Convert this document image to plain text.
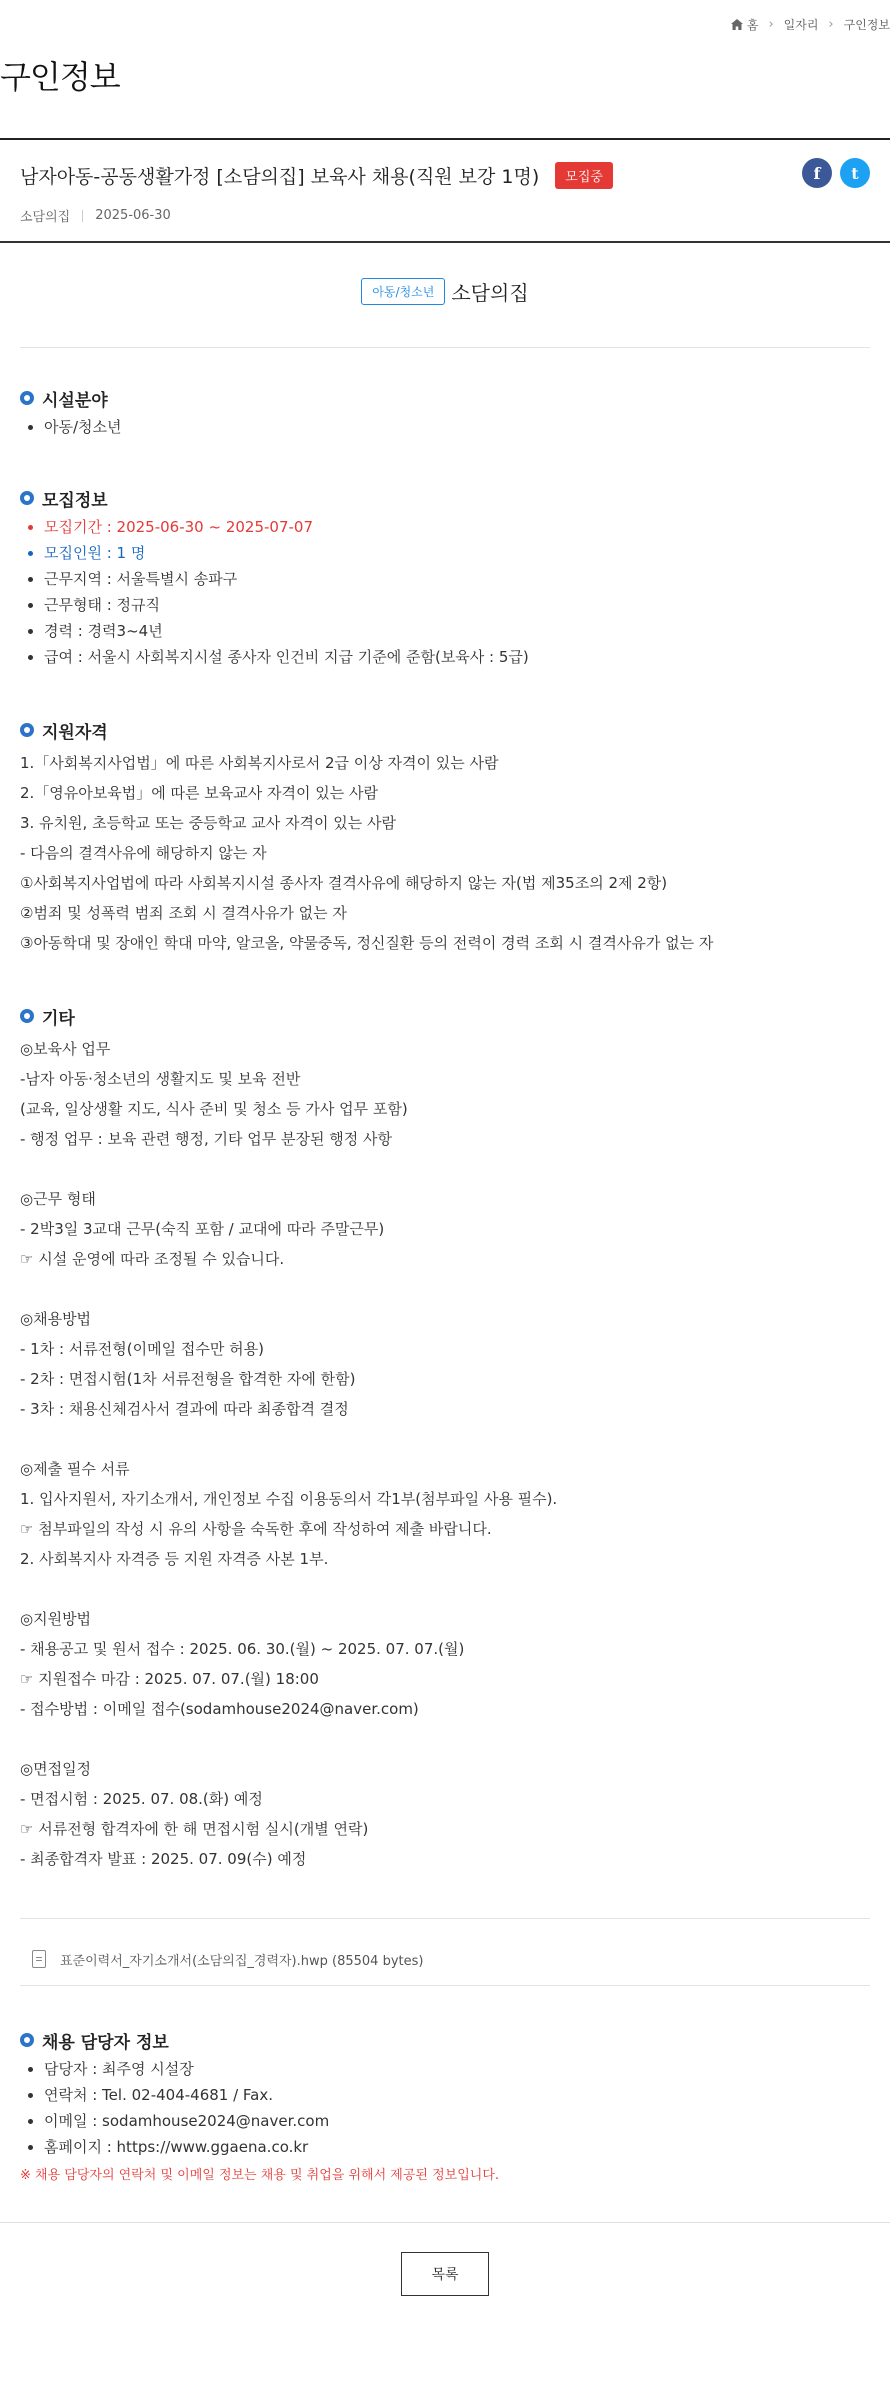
홈 › 일자리 › 구인정보
구인정보
남자아동-공동생활가정 [소담의집] 보육사 채용(직원 보강 1명)	모집중	f	t
소담의집 2025-06-30
아동/청소년 소담의집
시설분야
• 아동/청소년
모집정보
• 모집기간 : 2025-06-30 ~ 2025-07-07
• 모집인원 : 1 명
• 근무지역 : 서울특별시 송파구
• 근무형태 : 정규직
• 경력 : 경력3~4년
• 급여 : 서울시 사회복지시설 종사자 인건비 지급 기준에 준함(보육사 : 5급)
지원자격
1.「사회복지사업법」에 따른 사회복지사로서 2급 이상 자격이 있는 사람
2.「영유아보육법」에 따른 보육교사 자격이 있는 사람
3. 유치원, 초등학교 또는 중등학교 교사 자격이 있는 사람
- 다음의 결격사유에 해당하지 않는 자
①사회복지사업법에 따라 사회복지시설 종사자 결격사유에 해당하지 않는 자(법 제35조의 2제 2항)
②범죄 및 성폭력 범죄 조회 시 결격사유가 없는 자
③아동학대 및 장애인 학대 마약, 알코올, 약물중독, 정신질환 등의 전력이 경력 조회 시 결격사유가 없는 자
기타
◎보육사 업무
-남자 아동·청소년의 생활지도 및 보육 전반
(교육, 일상생활 지도, 식사 준비 및 청소 등 가사 업무 포함)
- 행정 업무 : 보육 관련 행정, 기타 업무 분장된 행정 사항
◎근무 형태
- 2박3일 3교대 근무(숙직 포함 / 교대에 따라 주말근무)
☞ 시설 운영에 따라 조정될 수 있습니다.
◎채용방법
- 1차 : 서류전형(이메일 접수만 허용)
- 2차 : 면접시험(1차 서류전형을 합격한 자에 한함)
- 3차 : 채용신체검사서 결과에 따라 최종합격 결정
◎제출 필수 서류
1. 입사지원서, 자기소개서, 개인정보 수집 이용동의서 각1부(첨부파일 사용 필수).
☞ 첨부파일의 작성 시 유의 사항을 숙독한 후에 작성하여 제출 바랍니다.
2. 사회복지사 자격증 등 지원 자격증 사본 1부.
◎지원방법
- 채용공고 및 원서 접수 : 2025. 06. 30.(월) ~ 2025. 07. 07.(월)
☞ 지원접수 마감 : 2025. 07. 07.(월) 18:00
- 접수방법 : 이메일 접수(sodamhouse2024@naver.com)
◎면접일정
- 면접시험 : 2025. 07. 08.(화) 예정
☞ 서류전형 합격자에 한 해 면접시험 실시(개별 연락)
- 최종합격자 발표 : 2025. 07. 09(수) 예정
표준이력서_자기소개서(소담의집_경력자).hwp (85504 bytes)
채용 담당자 정보
• 담당자 : 최주영 시설장
• 연락처 : Tel. 02-404-4681 / Fax.
• 이메일 : sodamhouse2024@naver.com
• 홈페이지 : https://www.ggaena.co.kr
※ 채용 담당자의 연락처 및 이메일 정보는 채용 및 취업을 위해서 제공된 정보입니다.
목록
